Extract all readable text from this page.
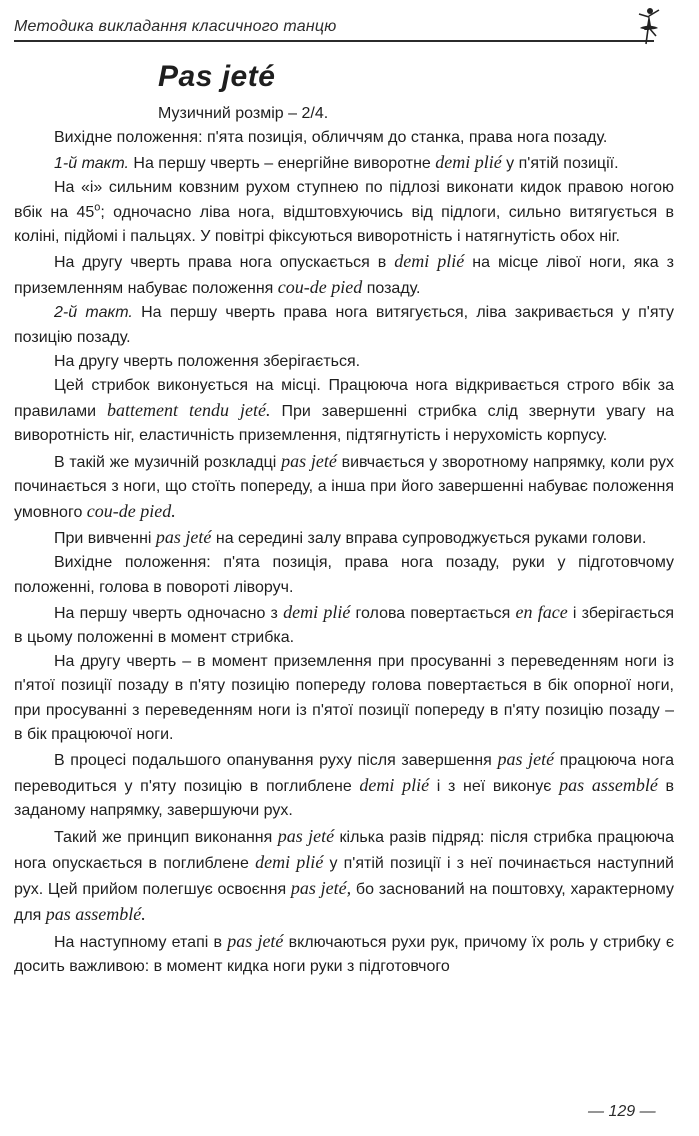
Методика викладання класичного танцю
Pas jeté
Музичний розмір – 2/4.

Вихідне положення: п'ята позиція, обличчям до станка, права нога позаду.

1-й такт. На першу чверть – енергійне виворотне demi plié у п'ятій позиції.

На «і» сильним ковзним рухом ступнею по підлозі виконати кидок правою ногою вбік на $45^о$; одночасно ліва нога, відштовхуючись від підлоги, сильно витягується в коліні, підйомі і пальцях. У повітрі фіксуються виворотність і натягнутість обох ніг.

На другу чверть права нога опускається в demi plié на місце лівої ноги, яка з приземленням набуває положення cou-de pied позаду.

2-й такт. На першу чверть права нога витягується, ліва закривається у п'яту позицію позаду.

На другу чверть положення зберігається.

Цей стрибок виконується на місці. Працююча нога відкривається строго вбік за правилами battement tendu jeté. При завершенні стрибка слід звернути увагу на виворотність ніг, еластичність приземлення, підтягнутість і нерухомість корпусу.

В такій же музичній розкладці pas jeté вивчається у зворотному напрямку, коли рух починається з ноги, що стоїть попереду, а інша при його завершенні набуває положення умовного cou-de pied.

При вивченні pas jeté на середині залу вправа супроводжується руками голови.

Вихідне положення: п'ята позиція, права нога позаду, руки у підготовчому положенні, голова в повороті ліворуч.

На першу чверть одночасно з demi plié голова повертається en face і зберігається в цьому положенні в момент стрибка.

На другу чверть – в момент приземлення при просуванні з переведенням ноги із п'ятої позиції позаду в п'яту позицію попереду голова повертається в бік опорної ноги, при просуванні з переведенням ноги із п'ятої позиції попереду в п'яту позицію позаду – в бік працюючої ноги.

В процесі подальшого опанування руху після завершення pas jeté працююча нога переводиться у п'яту позицію в поглиблене demi plié і з неї виконує pas assemblé в заданому напрямку, завершуючи рух.

Такий же принцип виконання pas jeté кілька разів підряд: після стрибка працююча нога опускається в поглиблене demi plié у п'ятій позиції і з неї починається наступний рух. Цей прийом полегшує освоєння pas jeté, бо заснований на поштовху, характерному для pas assemblé.

На наступному етапі в pas jeté включаються рухи рук, причому їх роль у стрибку є досить важливою: в момент кидка ноги руки з підготовчого

— 129 —
